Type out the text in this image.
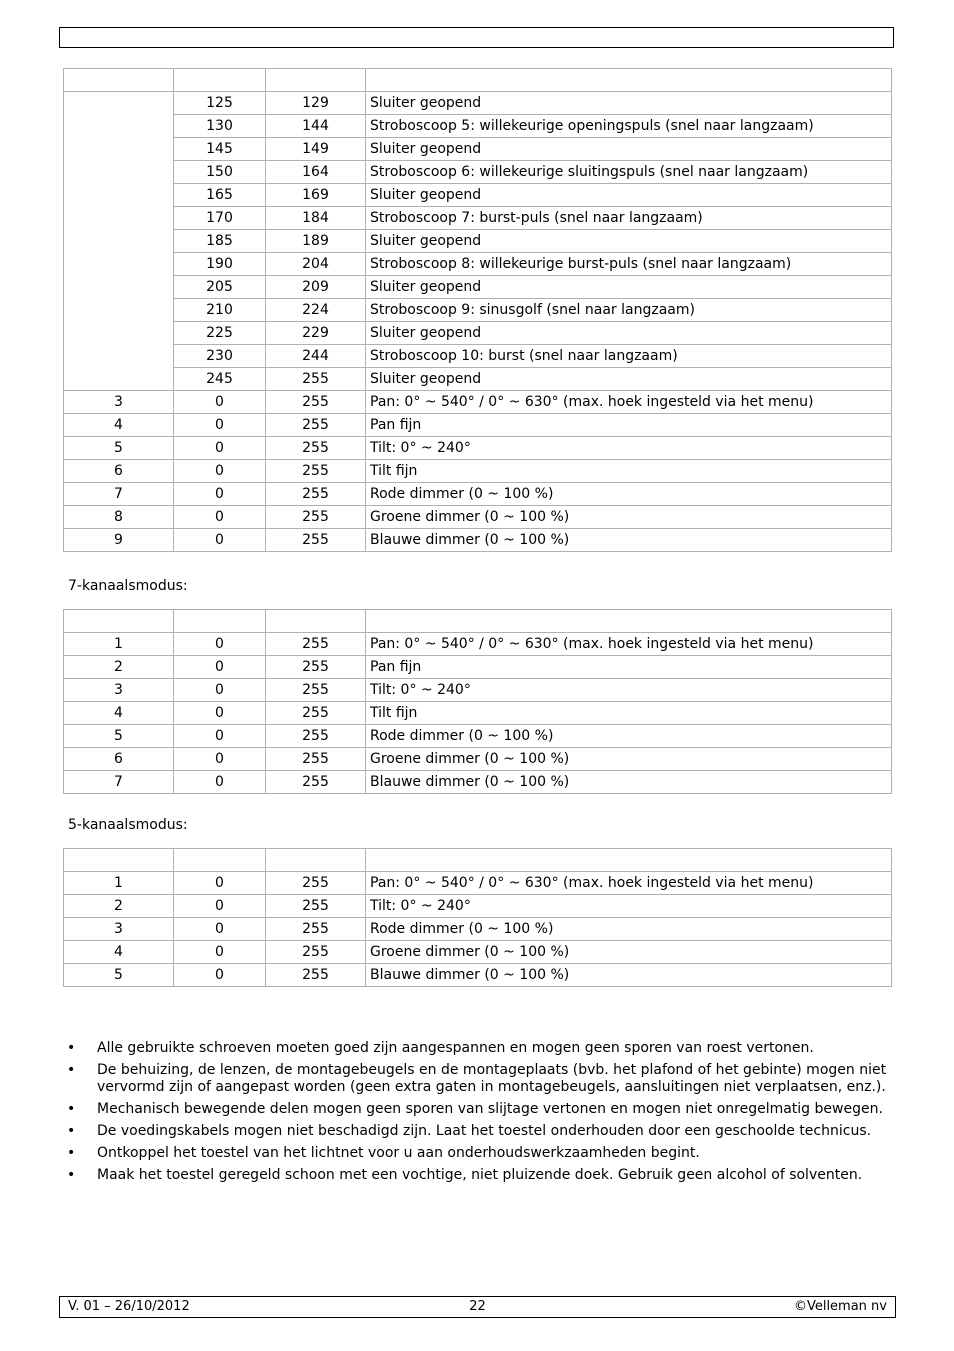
	125	129	Sluiter geopend
	130	144	Stroboscoop 5: willekeurige openingspuls (snel naar langzaam)
	145	149	Sluiter geopend
	150	164	Stroboscoop 6: willekeurige sluitingspuls (snel naar langzaam)
	165	169	Sluiter geopend
	170	184	Stroboscoop 7: burst-puls (snel naar langzaam)
	185	189	Sluiter geopend
	190	204	Stroboscoop 8: willekeurige burst-puls (snel naar langzaam)
	205	209	Sluiter geopend
	210	224	Stroboscoop 9: sinusgolf (snel naar langzaam)
	225	229	Sluiter geopend
	230	244	Stroboscoop 10: burst (snel naar langzaam)
	245	255	Sluiter geopend
3	0	255	Pan: 0° ~ 540° / 0° ~ 630° (max. hoek ingesteld via het menu)
4	0	255	Pan fijn
5	0	255	Tilt: 0° ~ 240°
6	0	255	Tilt fijn
7	0	255	Rode dimmer (0 ~ 100 %)
8	0	255	Groene dimmer (0 ~ 100 %)
9	0	255	Blauwe dimmer (0 ~ 100 %)
7-kanaalsmodus:

1	0	255	Pan: 0° ~ 540° / 0° ~ 630° (max. hoek ingesteld via het menu)
2	0	255	Pan fijn
3	0	255	Tilt: 0° ~ 240°
4	0	255	Tilt fijn
5	0	255	Rode dimmer (0 ~ 100 %)
6	0	255	Groene dimmer (0 ~ 100 %)
7	0	255	Blauwe dimmer (0 ~ 100 %)
5-kanaalsmodus:

1	0	255	Pan: 0° ~ 540° / 0° ~ 630° (max. hoek ingesteld via het menu)
2	0	255	Tilt: 0° ~ 240°
3	0	255	Rode dimmer (0 ~ 100 %)
4	0	255	Groene dimmer (0 ~ 100 %)
5	0	255	Blauwe dimmer (0 ~ 100 %)
• Alle gebruikte schroeven moeten goed zijn aangespannen en mogen geen sporen van roest vertonen.
• De behuizing, de lenzen, de montagebeugels en de montageplaats (bvb. het plafond of het gebinte) mogen niet vervormd zijn of aangepast worden (geen extra gaten in montagebeugels, aansluitingen niet verplaatsen, enz.).
• Mechanisch bewegende delen mogen geen sporen van slijtage vertonen en mogen niet onregelmatig bewegen.
• De voedingskabels mogen niet beschadigd zijn. Laat het toestel onderhouden door een geschoolde technicus.
• Ontkoppel het toestel van het lichtnet voor u aan onderhoudswerkzaamheden begint.
• Maak het toestel geregeld schoon met een vochtige, niet pluizende doek. Gebruik geen alcohol of solventen.
V. 01 – 26/10/2012	22	©Velleman nv
